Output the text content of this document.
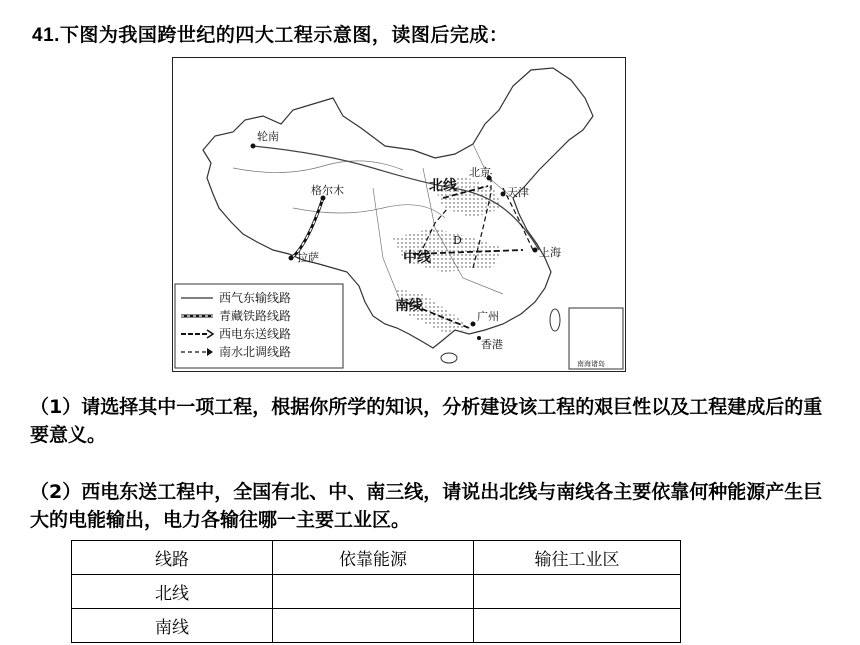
41.下图为我国跨世纪的四大工程示意图，读图后完成：
轮南
格尔木
拉萨
北京
天津
上海
广州
香港
D
南海诸岛
北线
中线
南线
西气东输线路
青藏铁路线路
西电东送线路
南水北调线路
（1）请选择其中一项工程，根据你所学的知识，分析建设该工程的艰巨性以及工程建成后的重要意义。
（2）西电东送工程中，全国有北、中、南三线，请说出北线与南线各主要依靠何种能源产生巨大的电能输出，电力各输往哪一主要工业区。
线路	依靠能源	输往工业区
北线		
南线		
